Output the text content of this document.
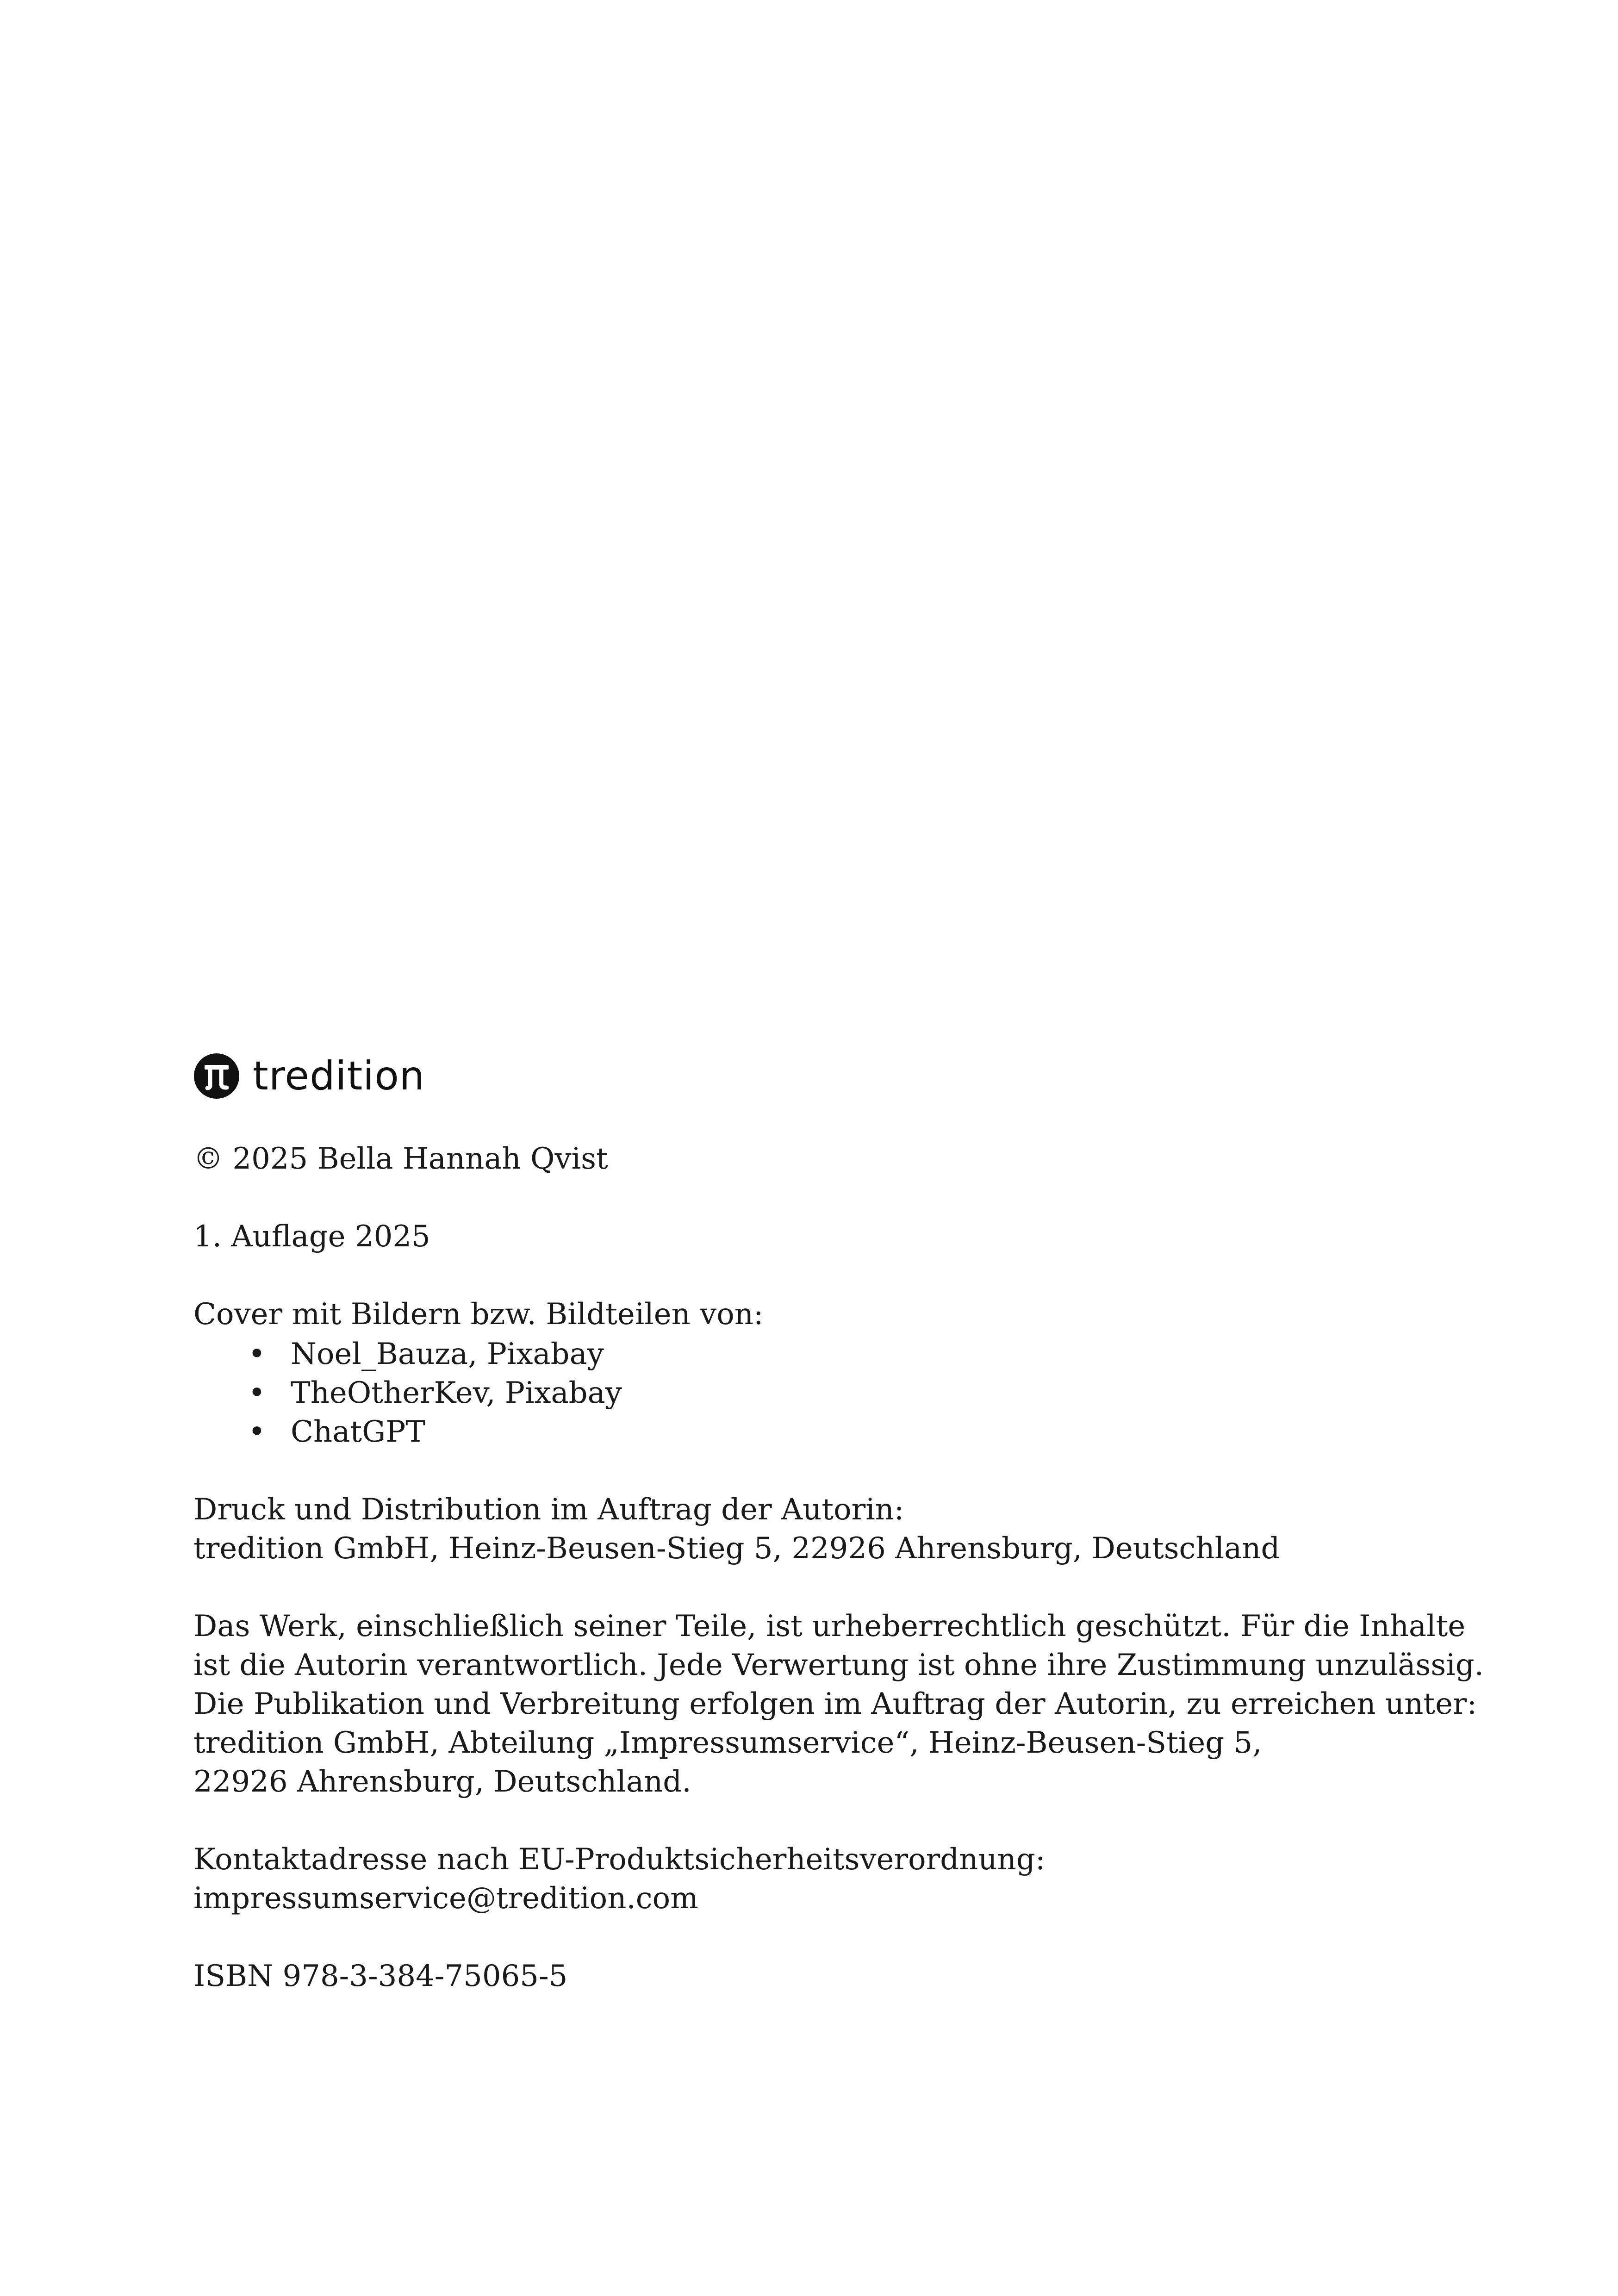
tredition

© 2025 Bella Hannah Qvist

1. Auflage 2025

Cover mit Bildern bzw. Bildteilen von:
• Noel_Bauza, Pixabay
• TheOtherKev, Pixabay
• ChatGPT
Druck und Distribution im Auftrag der Autorin:
tredition GmbH, Heinz-Beusen-Stieg 5, 22926 Ahrensburg, Deutschland
Das Werk, einschließlich seiner Teile, ist urheberrechtlich geschützt. Für die Inhalte
ist die Autorin verantwortlich. Jede Verwertung ist ohne ihre Zustimmung unzulässig.
Die Publikation und Verbreitung erfolgen im Auftrag der Autorin, zu erreichen unter:
tredition GmbH, Abteilung „Impressumservice“, Heinz-Beusen-Stieg 5,
22926 Ahrensburg, Deutschland.
Kontaktadresse nach EU-Produktsicherheitsverordnung:
impressumservice@tredition.com

ISBN 978-3-384-75065-5
